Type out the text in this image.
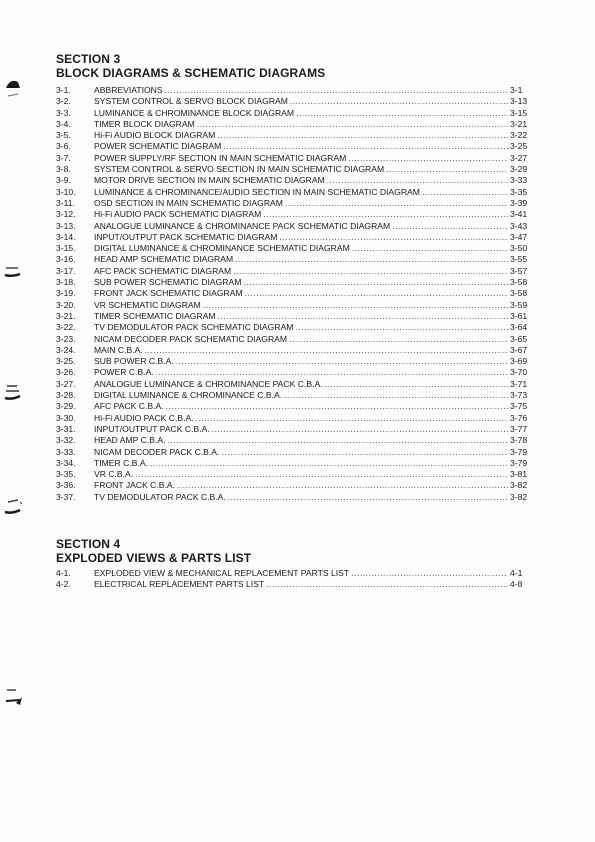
SECTION 3
BLOCK DIAGRAMS & SCHEMATIC DIAGRAMS
3-1.	ABBREVIATIONS .....	3-1
3-2.	SYSTEM CONTROL & SERVO BLOCK DIAGRAM .....	3-13
3-3.	LUMINANCE & CHROMINANCE BLOCK DIAGRAM .....	3-15
3-4.	TIMER BLOCK DIAGRAM .....	3-21
3-5.	Hi-Fi AUDIO BLOCK DIAGRAM .....	3-22
3-6.	POWER SCHEMATIC DIAGRAM .....	3-25
3-7.	POWER SUPPLY/RF SECTION IN MAIN SCHEMATIC DIAGRAM .....	3-27
3-8.	SYSTEM CONTROL & SERVO SECTION IN MAIN SCHEMATIC DIAGRAM .....	3-29
3-9.	MOTOR DRIVE SECTION IN MAIN SCHEMATIC DIAGRAM .....	3-33
3-10.	LUMINANCE & CHROMINANCE/AUDIO SECTION IN MAIN SCHEMATIC DIAGRAM .....	3-35
3-11.	OSD SECTION IN MAIN SCHEMATIC DIAGRAM .....	3-39
3-12.	Hi-Fi AUDIO PACK SCHEMATIC DIAGRAM .....	3-41
3-13.	ANALOGUE LUMINANCE & CHROMINANCE PACK SCHEMATIC DIAGRAM .....	3-43
3-14.	INPUT/OUTPUT PACK SCHEMATIC DIAGRAM .....	3-47
3-15.	DIGITAL LUMINANCE & CHROMINANCE SCHEMATIC DIAGRAM .....	3-50
3-16.	HEAD AMP SCHEMATIC DIAGRAM .....	3-55
3-17.	AFC PACK SCHEMATIC DIAGRAM .....	3-57
3-18.	SUB POWER SCHEMATIC DIAGRAM .....	3-58
3-19.	FRONT JACK SCHEMATIC DIAGRAM .....	3-58
3-20.	VR SCHEMATIC DIAGRAM .....	3-59
3-21.	TIMER SCHEMATIC DIAGRAM .....	3-61
3-22.	TV DEMODULATOR PACK SCHEMATIC DIAGRAM .....	3-64
3-23.	NICAM DECODER PACK SCHEMATIC DIAGRAM .....	3-65
3-24.	MAIN C.B.A. .....	3-67
3-25.	SUB POWER C.B.A. .....	3-69
3-26.	POWER C.B.A. .....	3-70
3-27.	ANALOGUE LUMINANCE & CHROMINANCE PACK C.B.A. .....	3-71
3-28.	DIGITAL LUMINANCE & CHROMINANCE C.B.A. .....	3-73
3-29.	AFC PACK C.B.A. .....	3-75
3-30.	Hi-Fi AUDIO PACK C.B.A. .....	3-76
3-31.	INPUT/OUTPUT PACK C.B.A. .....	3-77
3-32.	HEAD AMP C.B.A. .....	3-78
3-33.	NICAM DECODER PACK C.B.A. .....	3-79
3-34.	TIMER C.B.A. .....	3-79
3-35.	VR C.B.A. .....	3-81
3-36.	FRONT JACK C.B.A. .....	3-82
3-37.	TV DEMODULATOR PACK C.B.A. .....	3-82
SECTION 4
EXPLODED VIEWS & PARTS LIST
4-1.	EXPLODED VIEW & MECHANICAL REPLACEMENT PARTS LIST .....	4-1
4-2.	ELECTRICAL REPLACEMENT PARTS LIST .....	4-8
